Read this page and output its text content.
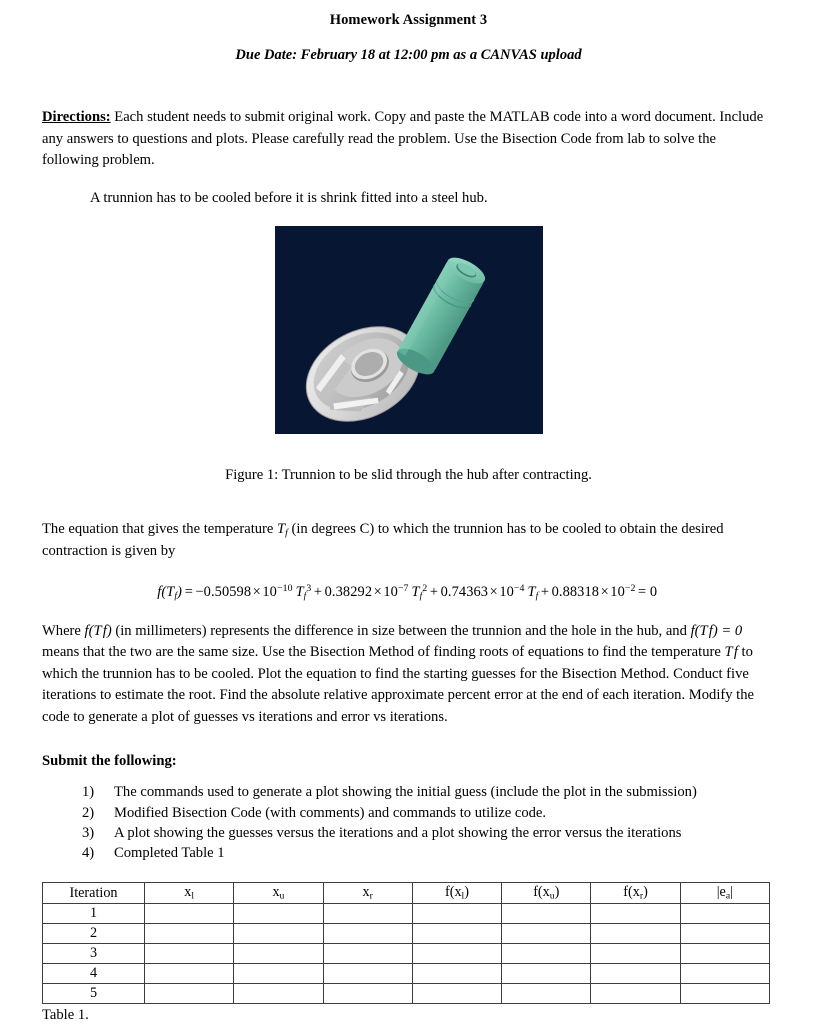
Homework Assignment 3
Due Date: February 18 at 12:00 pm as a CANVAS upload

Directions: Each student needs to submit original work. Copy and paste the MATLAB code into a word document. Include any answers to questions and plots. Please carefully read the problem. Use the Bisection Code from lab to solve the following problem.

A trunnion has to be cooled before it is shrink fitted into a steel hub.

Figure 1: Trunnion to be slid through the hub after contracting.

The equation that gives the temperature $T_f$ (in degrees C) to which the trunnion has to be cooled to obtain the desired contraction is given by

$f(T_f) = -0.50598 \times 10^{-10}$  $T_f^3 + 0.38292 \times 10^{-7}$  $T_f^2 + 0.74363 \times 10^{-4}$  $T_f + 0.88318 \times 10^{-2} = 0$

Where f(T f) (in millimeters) represents the difference in size between the trunnion and the hole in the hub, and f(T f) = 0 means that the two are the same size. Use the Bisection Method of finding roots of equations to find the temperature T f to which the trunnion has to be cooled. Plot the equation to find the starting guesses for the Bisection Method. Conduct five iterations to estimate the root. Find the absolute relative approximate percent error at the end of each iteration. Modify the code to generate a plot of guesses vs iterations and error vs iterations.

Submit the following:
1)	The commands used to generate a plot showing the initial guess (include the plot in the submission)
2)	Modified Bisection Code (with comments) and commands to utilize code.
3)	A plot showing the guesses versus the iterations and a plot showing the error versus the iterations
4)	Completed Table 1
Iteration	$x_l$	$x_u$	$x_r$	$f(x_l)$	$f(x_u)$	$f(x_r)$	$|e_a|$
1							
2							
3							
4							
5							
Table 1.
